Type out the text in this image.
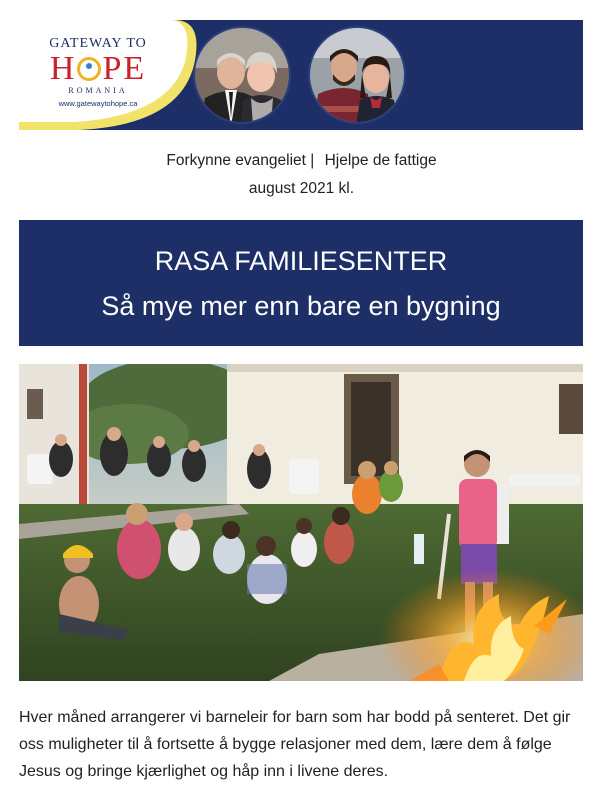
GATEWAY TO
H PE
ROMANIA
www.gatewaytohope.ca
Forkynne evangeliet | Hjelpe de fattige
august 2021 kl.
RASA FAMILIESENTER
Så mye mer enn bare en bygning
Hver måned arrangerer vi barneleir for barn som har bodd på senteret. Det gir oss muligheter til å fortsette å bygge relasjoner med dem, lære dem å følge Jesus og bringe kjærlighet og håp inn i livene deres.
